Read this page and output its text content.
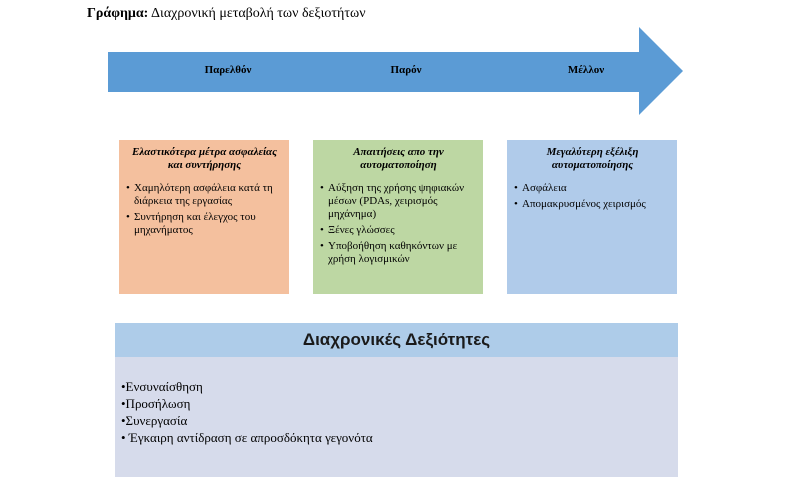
Γράφημα: Διαχρονική μεταβολή των δεξιοτήτων
Παρελθόν	Παρόν	Μέλλον
Ελαστικότερα μέτρα ασφαλείας και συντήρησης
• Χαμηλότερη ασφάλεια κατά τη διάρκεια της εργασίας
• Συντήρηση και έλεγχος του μηχανήματος
Απαιτήσεις απο την αυτοματοποίηση
• Αύξηση της χρήσης ψηφιακών μέσων (PDAs, χειρισμός μηχάνημα)
• Ξένες γλώσσες
• Υποβοήθηση καθηκόντων με χρήση λογισμικών
Μεγαλύτερη εξέλιξη αυτοματοποίησης
• Ασφάλεια
• Απομακρυσμένος χειρισμός
Διαχρονικές Δεξιότητες
•Ενσυναίσθηση
•Προσήλωση
•Συνεργασία
• Έγκαιρη αντίδραση σε απροσδόκητα γεγονότα
